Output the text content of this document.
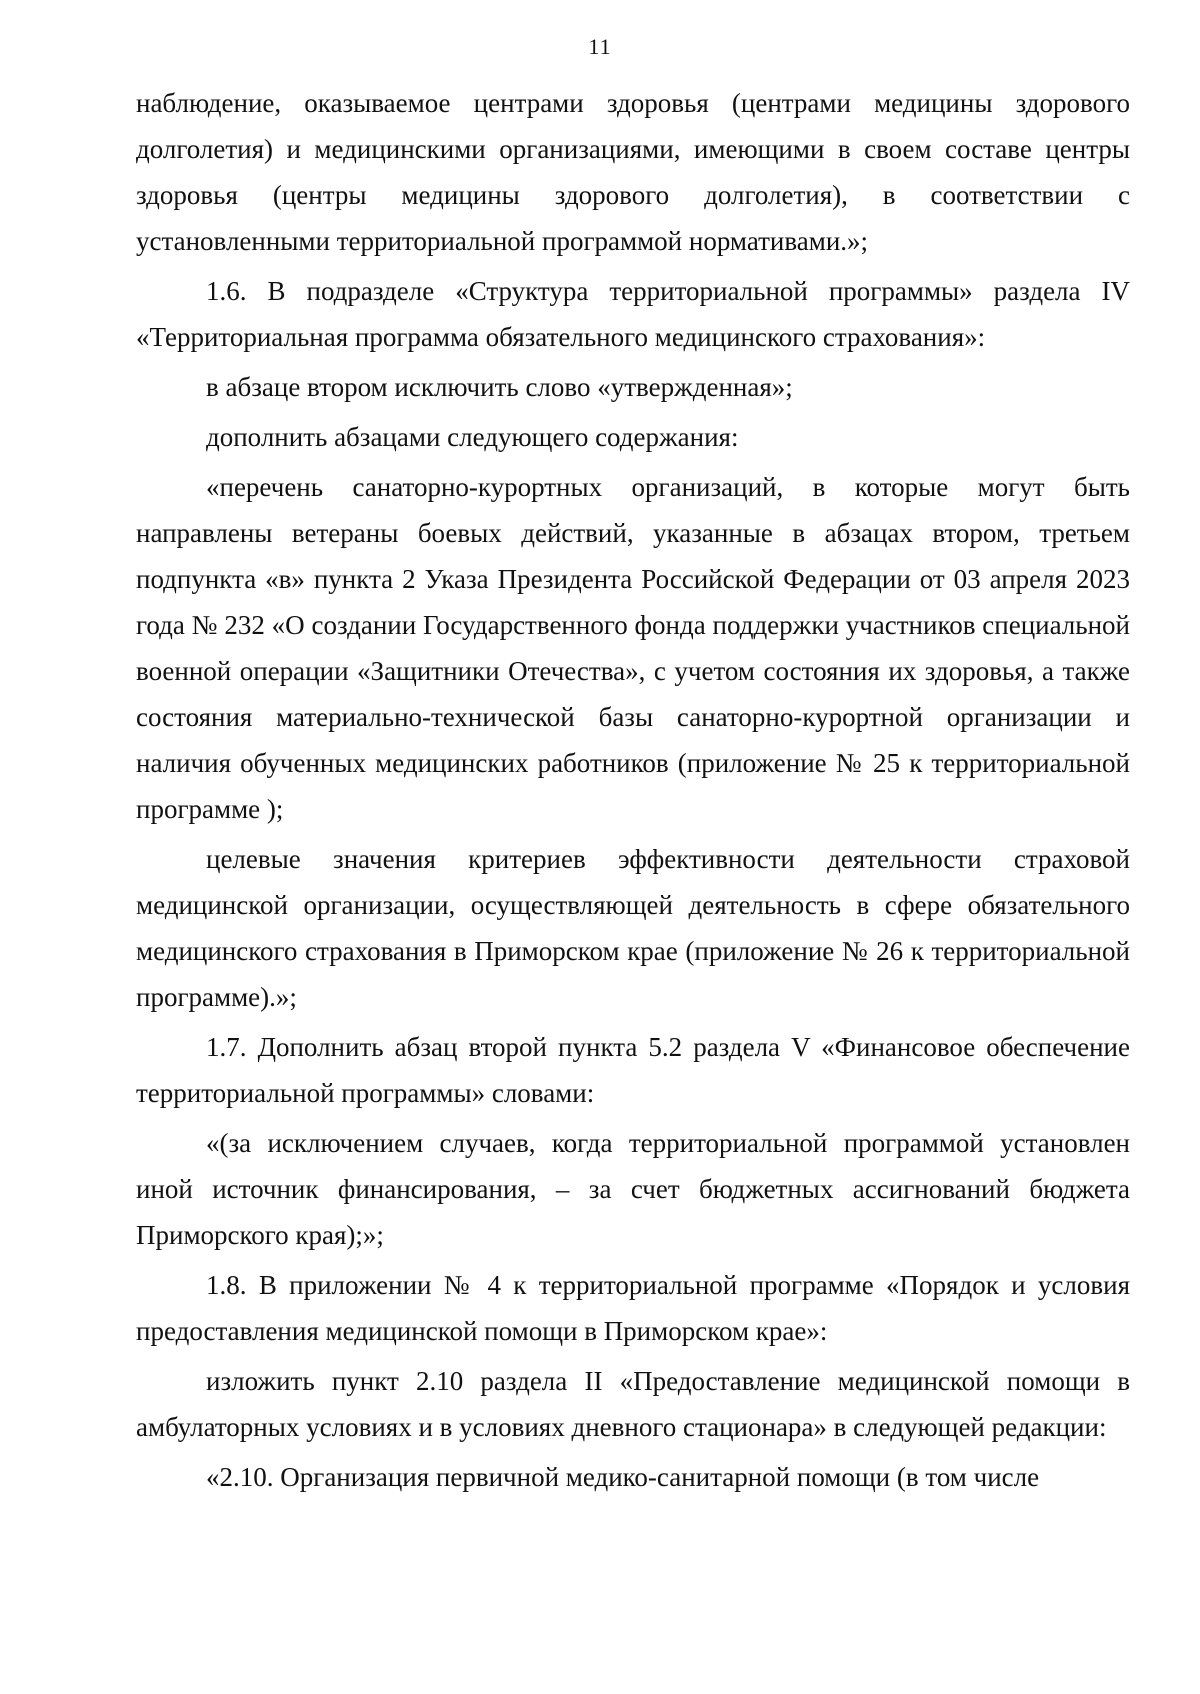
11

наблюдение, оказываемое центрами здоровья (центрами медицины здорового долголетия) и медицинскими организациями, имеющими в своем составе центры здоровья (центры медицины здорового долголетия), в соответствии с установленными территориальной программой нормативами.»;

1.6. В подразделе «Структура территориальной программы» раздела IV «Территориальная программа обязательного медицинского страхования»:

в абзаце втором исключить слово «утвержденная»;

дополнить абзацами следующего содержания:

«перечень санаторно-курортных организаций, в которые могут быть направлены ветераны боевых действий, указанные в абзацах втором, третьем подпункта «в» пункта 2 Указа Президента Российской Федерации от 03 апреля 2023 года № 232 «О создании Государственного фонда поддержки участников специальной военной операции «Защитники Отечества», с учетом состояния их здоровья, а также состояния материально-технической базы санаторно-курортной организации и наличия обученных медицинских работников (приложение № 25 к территориальной программе );

целевые значения критериев эффективности деятельности страховой медицинской организации, осуществляющей деятельность в сфере обязательного медицинского страхования в Приморском крае (приложение № 26 к территориальной программе).»;

1.7. Дополнить абзац второй пункта 5.2 раздела V «Финансовое обеспечение территориальной программы» словами:

«(за исключением случаев, когда территориальной программой установлен иной источник финансирования, – за счет бюджетных ассигнований бюджета Приморского края);»;

1.8. В приложении № 4 к территориальной программе «Порядок и условия предоставления медицинской помощи в Приморском крае»:

изложить пункт 2.10 раздела II «Предоставление медицинской помощи в амбулаторных условиях и в условиях дневного стационара» в следующей редакции:

«2.10. Организация первичной медико-санитарной помощи (в том числе
